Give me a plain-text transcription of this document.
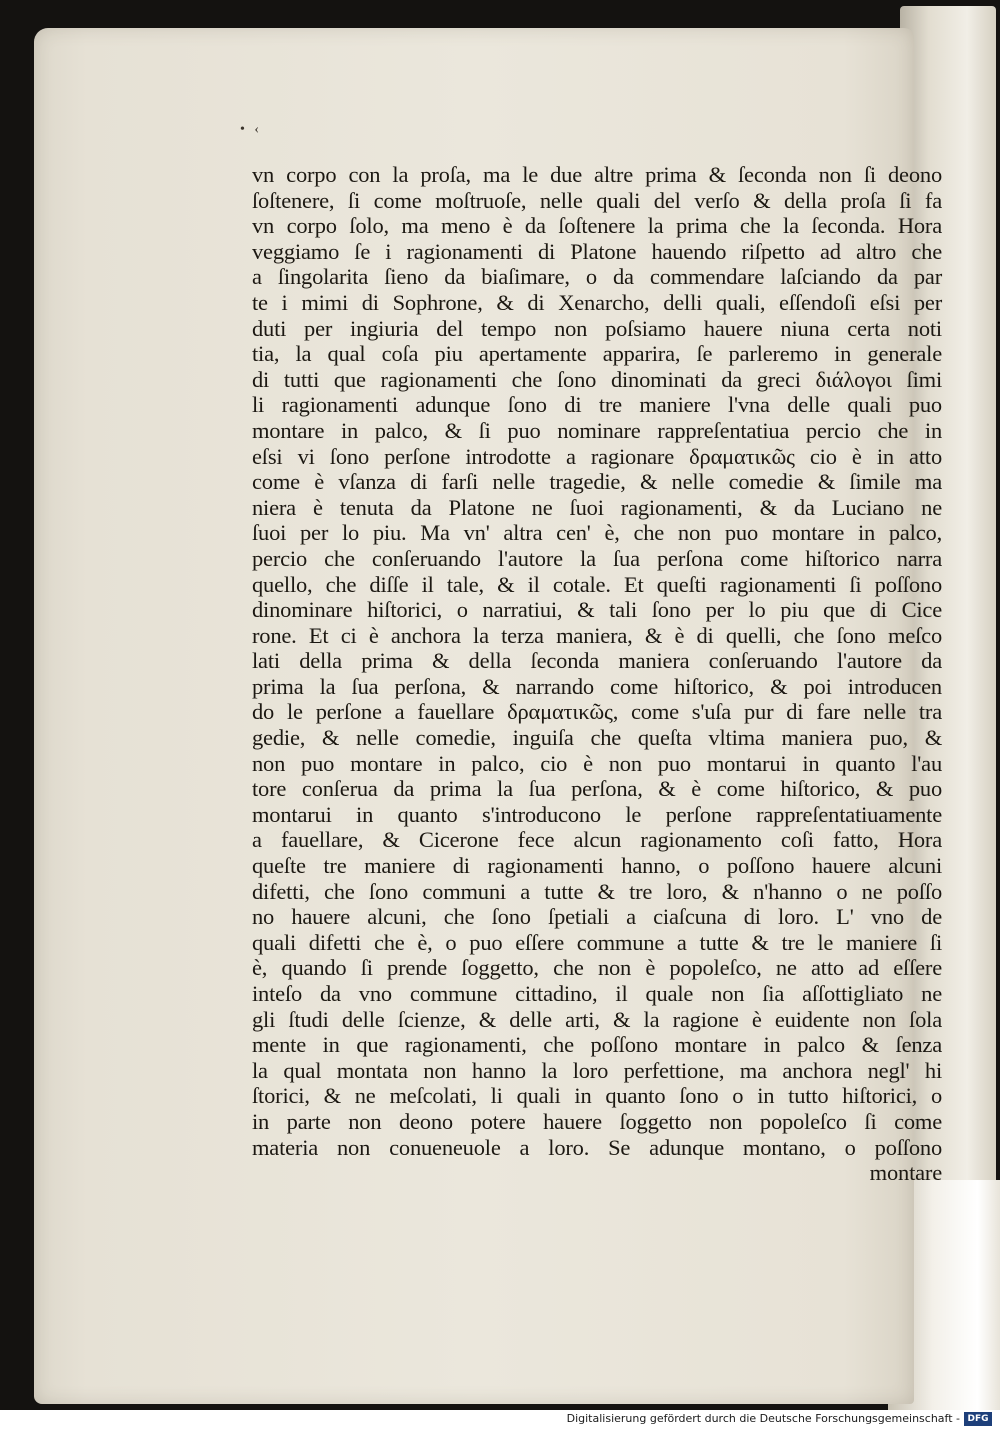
• ‹
vn corpo con la proſa, ma le due altre prima & ſeconda non ſi deono
ſoſtenere, ſi come moſtruoſe, nelle quali del verſo & della proſa ſi fa
vn corpo ſolo, ma meno è da ſoſtenere la prima che la ſeconda. Hora
veggiamo ſe i ragionamenti di Platone hauendo riſpetto ad altro che
a ſingolarita ſieno da biaſimare, o da commendare laſciando da par
te i mimi di Sophrone, & di Xenarcho, delli quali, eſſendoſi eſsi per
duti per ingiuria del tempo non poſsiamo hauere niuna certa noti
tia, la qual coſa piu apertamente apparira, ſe parleremo in generale
di tutti que ragionamenti che ſono dinominati da greci διάλογοι ſimi
li ragionamenti adunque ſono di tre maniere l'vna delle quali puo
montare in palco, & ſi puo nominare rappreſentatiua percio che in
eſsi vi ſono perſone introdotte a ragionare δραματικῶς cio è in atto
come è vſanza di farſi nelle tragedie, & nelle comedie & ſimile ma
niera è tenuta da Platone ne ſuoi ragionamenti, & da Luciano ne
ſuoi per lo piu. Ma vn' altra cen' è, che non puo montare in palco,
percio che conſeruando l'autore la ſua perſona come hiſtorico narra
quello, che diſſe il tale, & il cotale. Et queſti ragionamenti ſi poſſono
dinominare hiſtorici, o narratiui, & tali ſono per lo piu que di Cice
rone. Et ci è anchora la terza maniera, & è di quelli, che ſono meſco
lati della prima & della ſeconda maniera conſeruando l'autore da
prima la ſua perſona, & narrando come hiſtorico, & poi introducen
do le perſone a fauellare δραματικῶς, come s'uſa pur di fare nelle tra
gedie, & nelle comedie, inguiſa che queſta vltima maniera puo, &
non puo montare in palco, cio è non puo montarui in quanto l'au
tore conſerua da prima la ſua perſona, & è come hiſtorico, & puo
montarui in quanto s'introducono le perſone rappreſentatiuamente
a fauellare, & Cicerone fece alcun ragionamento coſi fatto, Hora
queſte tre maniere di ragionamenti hanno, o poſſono hauere alcuni
difetti, che ſono communi a tutte & tre loro, & n'hanno o ne poſſo
no hauere alcuni, che ſono ſpetiali a ciaſcuna di loro. L' vno de
quali difetti che è, o puo eſſere commune a tutte & tre le maniere ſi
è, quando ſi prende ſoggetto, che non è popoleſco, ne atto ad eſſere
inteſo da vno commune cittadino, il quale non ſia aſſottigliato ne
gli ſtudi delle ſcienze, & delle arti, & la ragione è euidente non ſola
mente in que ragionamenti, che poſſono montare in palco & ſenza
la qual montata non hanno la loro perfettione, ma anchora negl' hi
ſtorici, & ne meſcolati, li quali in quanto ſono o in tutto hiſtorici, o
in parte non deono potere hauere ſoggetto non popoleſco ſi come
materia non conueneuole a loro. Se adunque montano, o poſſono
montare
Digitalisierung gefördert durch die Deutsche Forschungsgemeinschaft - DFG
